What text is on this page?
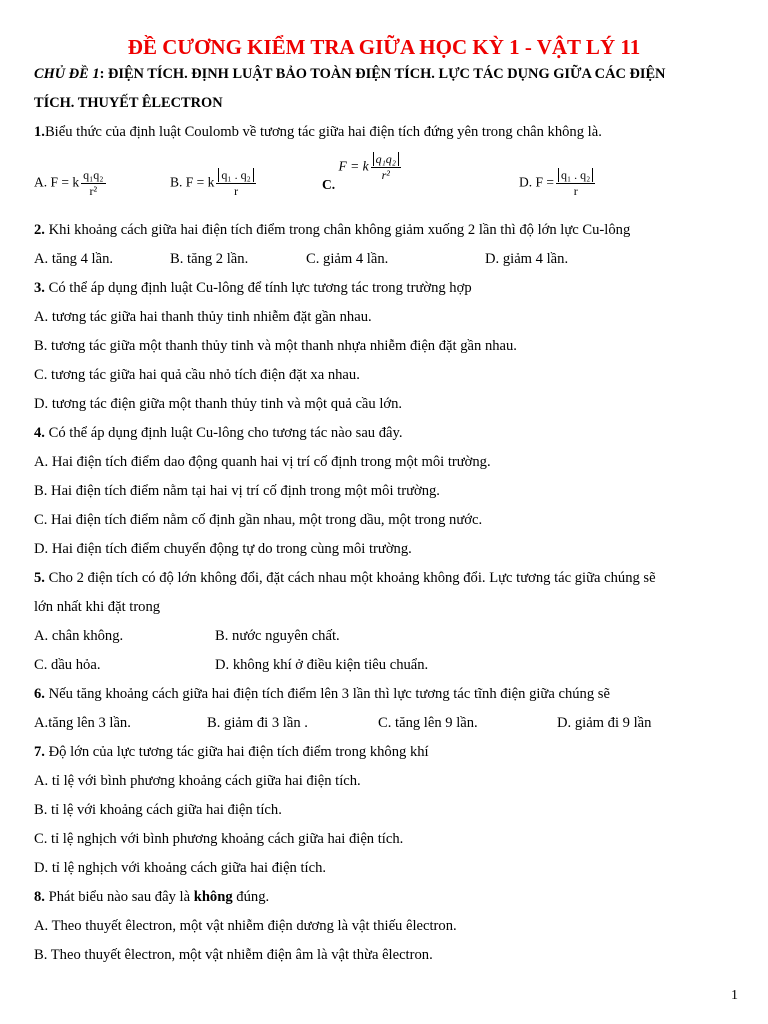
ĐỀ CƯƠNG KIỂM TRA GIỮA HỌC KỲ 1 - VẬT LÝ 11
CHỦ ĐỀ 1: ĐIỆN TÍCH. ĐỊNH LUẬT BẢO TOÀN ĐIỆN TÍCH. LỰC TÁC DỤNG GIỮA CÁC ĐIỆN
TÍCH. THUYẾT ÊLECTRON
1.Biểu thức của định luật Coulomb về tương tác giữa hai điện tích đứng yên trong chân không là.
A. F = k $\frac{\text{q₁q₂}}{\text{r²}}$	B. F = k $\frac{\text{q₁ . q₂}}{r}$	C. F = k $\frac{\text{q₁q₂}}{\text{r²}}$	D. $F = \frac{\text{q₁ . q₂}}{r}$
2. Khi khoảng cách giữa hai điện tích điểm trong chân không giảm xuống 2 lần thì độ lớn lực Cu-lông
A. tăng 4 lần.	B. tăng 2 lần.	C. giảm 4 lần.	D. giảm 4 lần.
3. Có thể áp dụng định luật Cu-lông để tính lực tương tác trong trường hợp
A. tương tác giữa hai thanh thủy tinh nhiễm đặt gần nhau.
B. tương tác giữa một thanh thủy tinh và một thanh nhựa nhiễm điện đặt gần nhau.
C. tương tác giữa hai quả cầu nhỏ tích điện đặt xa nhau.
D. tương tác điện giữa một thanh thủy tinh và một quả cầu lớn.
4. Có thể áp dụng định luật Cu-lông cho tương tác nào sau đây.
A. Hai điện tích điểm dao động quanh hai vị trí cố định trong một môi trường.
B. Hai điện tích điểm nằm tại hai vị trí cố định trong một môi trường.
C. Hai điện tích điểm nằm cố định gần nhau, một trong dầu, một trong nước.
D. Hai điện tích điểm chuyển động tự do trong cùng môi trường.
5. Cho 2 điện tích có độ lớn không đổi, đặt cách nhau một khoảng không đổi. Lực tương tác giữa chúng sẽ
lớn nhất khi đặt trong
A. chân không.	B. nước nguyên chất.
C. dầu hỏa.	D. không khí ở điều kiện tiêu chuẩn.
6. Nếu tăng khoảng cách giữa hai điện tích điểm lên 3 lần thì lực tương tác tĩnh điện giữa chúng sẽ
A.tăng lên 3 lần.	B. giảm đi 3 lần .	C. tăng lên 9 lần.	D. giảm đi 9 lần
7. Độ lớn của lực tương tác giữa hai điện tích điểm trong không khí
A. tỉ lệ với bình phương khoảng cách giữa hai điện tích.
B. tỉ lệ với khoảng cách giữa hai điện tích.
C. tỉ lệ nghịch với bình phương khoảng cách giữa hai điện tích.
D. tỉ lệ nghịch với khoảng cách giữa hai điện tích.
8. Phát biểu nào sau đây là không đúng.
A. Theo thuyết êlectron, một vật nhiễm điện dương là vật thiếu êlectron.
B. Theo thuyết êlectron, một vật nhiễm điện âm là vật thừa êlectron.
1
